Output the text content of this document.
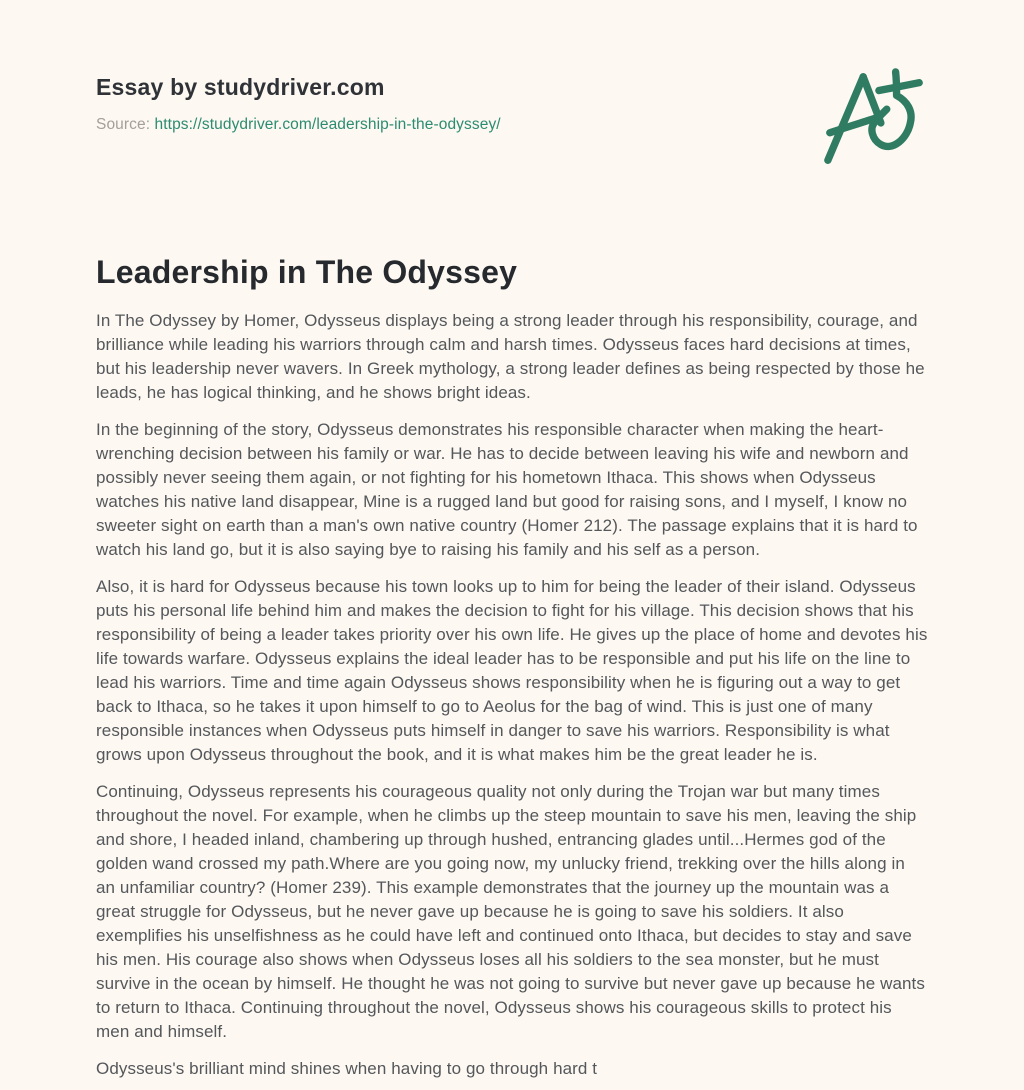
Essay by studydriver.com

Source: https://studydriver.com/leadership-in-the-odyssey/

Leadership in The Odyssey

In The Odyssey by Homer, Odysseus displays being a strong leader through his responsibility, courage, and brilliance while leading his warriors through calm and harsh times. Odysseus faces hard decisions at times, but his leadership never wavers. In Greek mythology, a strong leader defines as being respected by those he leads, he has logical thinking, and he shows bright ideas.

In the beginning of the story, Odysseus demonstrates his responsible character when making the heart-wrenching decision between his family or war. He has to decide between leaving his wife and newborn and possibly never seeing them again, or not fighting for his hometown Ithaca. This shows when Odysseus watches his native land disappear, Mine is a rugged land but good for raising sons, and I myself, I know no sweeter sight on earth than a man's own native country (Homer 212). The passage explains that it is hard to watch his land go, but it is also saying bye to raising his family and his self as a person.

Also, it is hard for Odysseus because his town looks up to him for being the leader of their island. Odysseus puts his personal life behind him and makes the decision to fight for his village. This decision shows that his responsibility of being a leader takes priority over his own life. He gives up the place of home and devotes his life towards warfare. Odysseus explains the ideal leader has to be responsible and put his life on the line to lead his warriors. Time and time again Odysseus shows responsibility when he is figuring out a way to get back to Ithaca, so he takes it upon himself to go to Aeolus for the bag of wind. This is just one of many responsible instances when Odysseus puts himself in danger to save his warriors. Responsibility is what grows upon Odysseus throughout the book, and it is what makes him be the great leader he is.

Continuing, Odysseus represents his courageous quality not only during the Trojan war but many times throughout the novel. For example, when he climbs up the steep mountain to save his men, leaving the ship and shore, I headed inland, chambering up through hushed, entrancing glades until...Hermes god of the golden wand crossed my path.Where are you going now, my unlucky friend, trekking over the hills along in an unfamiliar country? (Homer 239). This example demonstrates that the journey up the mountain was a great struggle for Odysseus, but he never gave up because he is going to save his soldiers. It also exemplifies his unselfishness as he could have left and continued onto Ithaca, but decides to stay and save his men. His courage also shows when Odysseus loses all his soldiers to the sea monster, but he must survive in the ocean by himself. He thought he was not going to survive but never gave up because he wants to return to Ithaca. Continuing throughout the novel, Odysseus shows his courageous skills to protect his men and himself.

Odysseus's brilliant mind shines when having to go through hard t
